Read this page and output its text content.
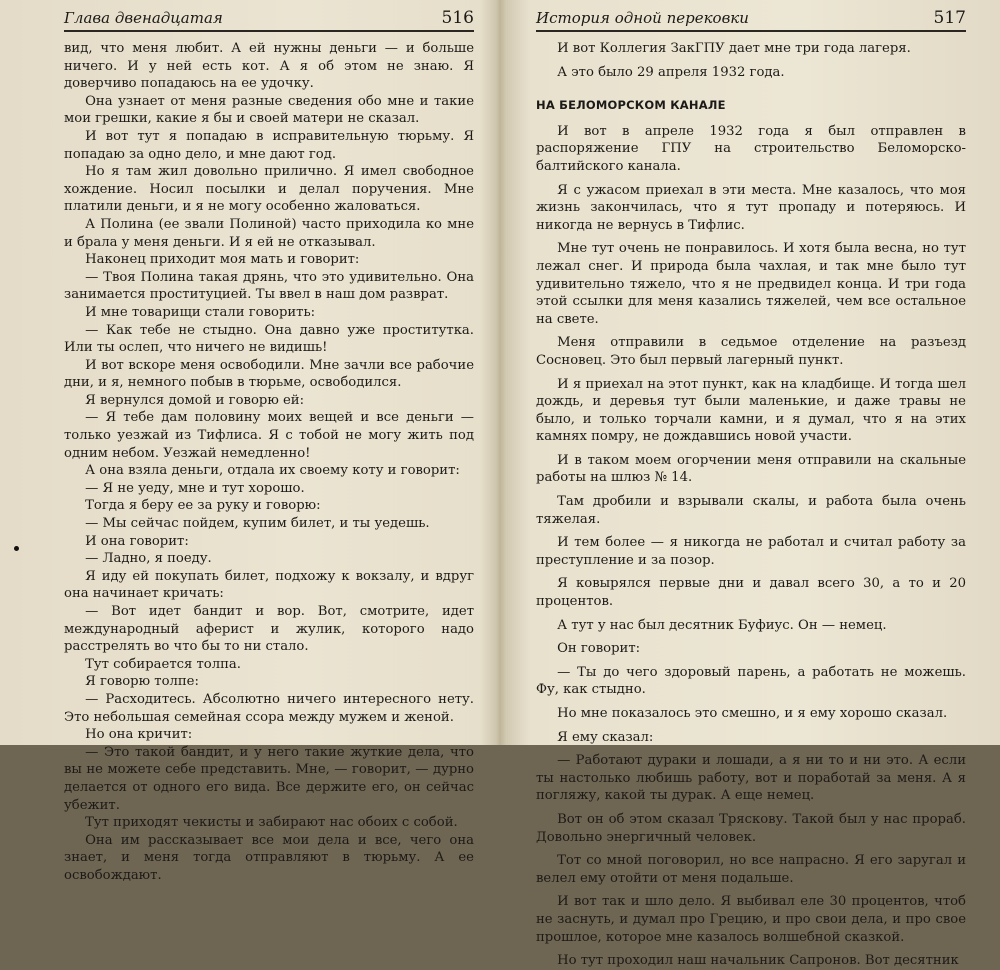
Глава двенадцатая	516

вид, что меня любит. А ей нужны деньги — и больше ничего. И у ней есть кот. А я об этом не знаю. Я доверчиво попадаюсь на ее удочку.

Она узнает от меня разные сведения обо мне и такие мои грешки, какие я бы и своей матери не сказал.

И вот тут я попадаю в исправительную тюрьму. Я попадаю за одно дело, и мне дают год.

Но я там жил довольно прилично. Я имел свободное хождение. Носил посылки и делал поручения. Мне платили деньги, и я не могу особенно жаловаться.

А Полина (ее звали Полиной) часто приходила ко мне и брала у меня деньги. И я ей не отказывал.

Наконец приходит моя мать и говорит:

— Твоя Полина такая дрянь, что это удивительно. Она занимается проституцией. Ты ввел в наш дом разврат.

И мне товарищи стали говорить:

— Как тебе не стыдно. Она давно уже проститутка. Или ты ослеп, что ничего не видишь!

И вот вскоре меня освободили. Мне зачли все рабочие дни, и я, немного побыв в тюрьме, освободился.

Я вернулся домой и говорю ей:

— Я тебе дам половину моих вещей и все деньги — только уезжай из Тифлиса. Я с тобой не могу жить под одним небом. Уезжай немедленно!

А она взяла деньги, отдала их своему коту и говорит:

— Я не уеду, мне и тут хорошо.

Тогда я беру ее за руку и говорю:

— Мы сейчас пойдем, купим билет, и ты уедешь.

И она говорит:

— Ладно, я поеду.

Я иду ей покупать билет, подхожу к вокзалу, и вдруг она начинает кричать:

— Вот идет бандит и вор. Вот, смотрите, идет международный аферист и жулик, которого надо расстрелять во что бы то ни стало.

Тут собирается толпа.

Я говорю толпе:

— Расходитесь. Абсолютно ничего интересного нету. Это небольшая семейная ссора между мужем и женой.

Но она кричит:

— Это такой бандит, и у него такие жуткие дела, что вы не можете себе представить. Мне, — говорит, — дурно делается от одного его вида. Все держите его, он сейчас убежит.

Тут приходят чекисты и забирают нас обоих с собой.

Она им рассказывает все мои дела и все, чего она знает, и меня тогда отправляют в тюрьму. А ее освобождают.

История одной перековки	517

И вот Коллегия ЗакГПУ дает мне три года лагеря.

А это было 29 апреля 1932 года.

НА БЕЛОМОРСКОМ КАНАЛЕ

И вот в апреле 1932 года я был отправлен в распоряжение ГПУ на строительство Беломорско-балтийского канала.

Я с ужасом приехал в эти места. Мне казалось, что моя жизнь закончилась, что я тут пропаду и потеряюсь. И никогда не вернусь в Тифлис.

Мне тут очень не понравилось. И хотя была весна, но тут лежал снег. И природа была чахлая, и так мне было тут удивительно тяжело, что я не предвидел конца. И три года этой ссылки для меня казались тяжелей, чем все остальное на свете.

Меня отправили в седьмое отделение на разъезд Сосновец. Это был первый лагерный пункт.

И я приехал на этот пункт, как на кладбище. И тогда шел дождь, и деревья тут были маленькие, и даже травы не было, и только торчали камни, и я думал, что я на этих камнях помру, не дождавшись новой участи.

И в таком моем огорчении меня отправили на скальные работы на шлюз № 14.

Там дробили и взрывали скалы, и работа была очень тяжелая.

И тем более — я никогда не работал и считал работу за преступление и за позор.

Я ковырялся первые дни и давал всего 30, а то и 20 процентов.

А тут у нас был десятник Буфиус. Он — немец.

Он говорит:

— Ты до чего здоровый парень, а работать не можешь. Фу, как стыдно.

Но мне показалось это смешно, и я ему хорошо сказал.

Я ему сказал:

— Работают дураки и лошади, а я ни то и ни это. А если ты настолько любишь работу, вот и поработай за меня. А я погляжу, какой ты дурак. А еще немец.

Вот он об этом сказал Тряскову. Такой был у нас прораб. Довольно энергичный человек.

Тот со мной поговорил, но все напрасно. Я его заругал и велел ему отойти от меня подальше.

И вот так и шло дело. Я выбивал еле 30 процентов, чтоб не заснуть, и думал про Грецию, и про свои дела, и про свое прошлое, которое мне казалось волшебной сказкой.

Но тут проходил наш начальник Сапронов. Вот десятник
